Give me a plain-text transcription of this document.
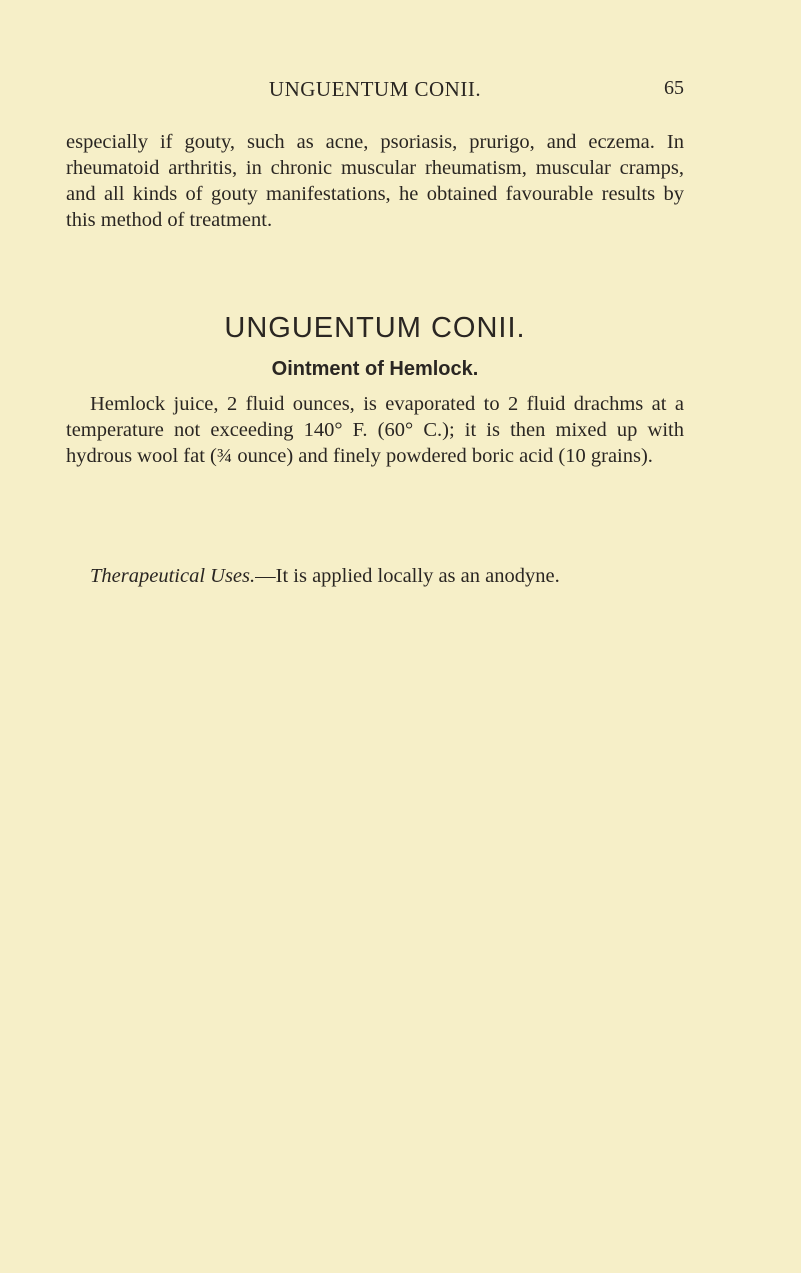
UNGUENTUM CONII.	65

especially if gouty, such as acne, psoriasis, prurigo, and eczema. In rheumatoid arthritis, in chronic muscular rheumatism, muscular cramps, and all kinds of gouty manifestations, he obtained favourable results by this method of treatment.

UNGUENTUM CONII.
Ointment of Hemlock.

Hemlock juice, 2 fluid ounces, is evaporated to 2 fluid drachms at a temperature not exceeding 140° F. (60° C.); it is then mixed up with hydrous wool fat (¾ ounce) and finely powdered boric acid (10 grains).

Therapeutical Uses.—It is applied locally as an anodyne.
